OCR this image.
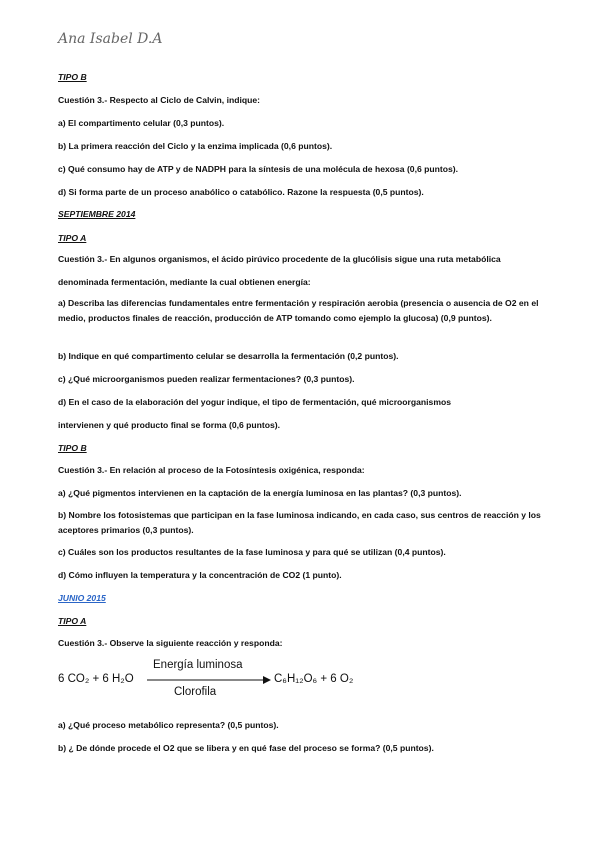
Ana Isabel D.A
TIPO B
Cuestión 3.- Respecto al Ciclo de Calvin, indique:
a) El compartimento celular (0,3 puntos).
b) La primera reacción del Ciclo y la enzima implicada (0,6 puntos).
c) Qué consumo hay de ATP y de NADPH para la síntesis de una molécula de hexosa (0,6 puntos).
d) Si forma parte de un proceso anabólico o catabólico. Razone la respuesta (0,5 puntos).
SEPTIEMBRE 2014
TIPO A
Cuestión 3.- En algunos organismos, el ácido pirúvico procedente de la glucólisis sigue una ruta metabólica
denominada fermentación, mediante la cual obtienen energía:
a) Describa las diferencias fundamentales entre fermentación y respiración aerobia (presencia o ausencia de O2 en el medio, productos finales de reacción, producción de ATP tomando como ejemplo la glucosa) (0,9 puntos).
b) Indique en qué compartimento celular se desarrolla la fermentación (0,2 puntos).
c) ¿Qué microorganismos pueden realizar fermentaciones? (0,3 puntos).
d) En el caso de la elaboración del yogur indique, el tipo de fermentación, qué microorganismos
intervienen y qué producto final se forma (0,6 puntos).
TIPO B
Cuestión 3.- En relación al proceso de la Fotosíntesis oxigénica, responda:
a) ¿Qué pigmentos intervienen en la captación de la energía luminosa en las plantas? (0,3 puntos).
b) Nombre los fotosistemas que participan en la fase luminosa indicando, en cada caso, sus centros de reacción y los aceptores primarios (0,3 puntos).
c) Cuáles son los productos resultantes de la fase luminosa y para qué se utilizan (0,4 puntos).
d) Cómo influyen la temperatura y la concentración de CO2 (1 punto).
JUNIO 2015
TIPO A
Cuestión 3.- Observe la siguiente reacción y responda:
6 CO₂ + 6 H₂O
Energía luminosa
Clorofila
C₆H₁₂O₆ + 6 O₂
a) ¿Qué proceso metabólico representa? (0,5 puntos).
b) ¿ De dónde procede el O2 que se libera y en qué fase del proceso se forma? (0,5 puntos).
